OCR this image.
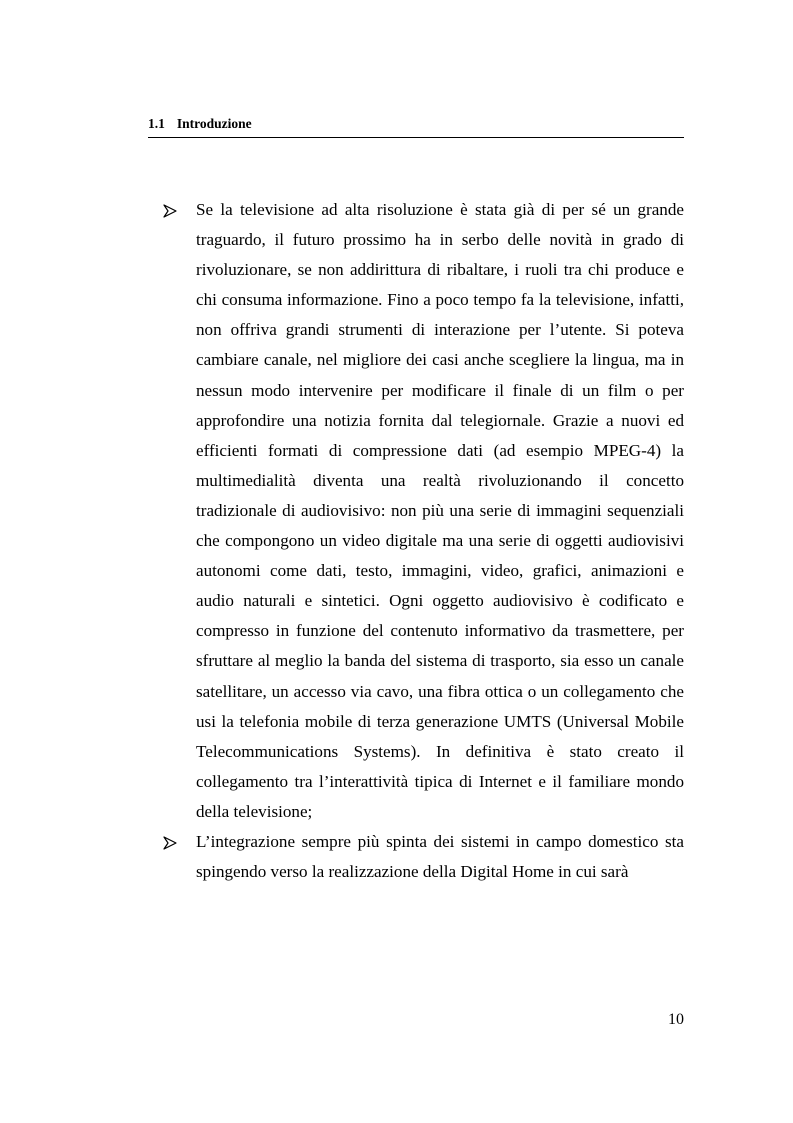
1.1 Introduzione

Se la televisione ad alta risoluzione è stata già di per sé un grande traguardo, il futuro prossimo ha in serbo delle novità in grado di rivoluzionare, se non addirittura di ribaltare, i ruoli tra chi produce e chi consuma informazione. Fino a poco tempo fa la televisione, infatti, non offriva grandi strumenti di interazione per l’utente. Si poteva cambiare canale, nel migliore dei casi anche scegliere la lingua, ma in nessun modo intervenire per modificare il finale di un film o per approfondire una notizia fornita dal telegiornale. Grazie a nuovi ed efficienti formati di compressione dati (ad esempio MPEG-4) la multimedialità diventa una realtà rivoluzionando il concetto tradizionale di audiovisivo: non più una serie di immagini sequenziali che compongono un video digitale ma una serie di oggetti audiovisivi autonomi come dati, testo, immagini, video, grafici, animazioni e audio naturali e sintetici. Ogni oggetto audiovisivo è codificato e compresso in funzione del contenuto informativo da trasmettere, per sfruttare al meglio la banda del sistema di trasporto, sia esso un canale satellitare, un accesso via cavo, una fibra ottica o un collegamento che usi la telefonia mobile di terza generazione UMTS (Universal Mobile Telecommunications Systems). In definitiva è stato creato il collegamento tra l’interattività tipica di Internet e il familiare mondo della televisione;

L’integrazione sempre più spinta dei sistemi in campo domestico sta spingendo verso la realizzazione della Digital Home in cui sarà

10
